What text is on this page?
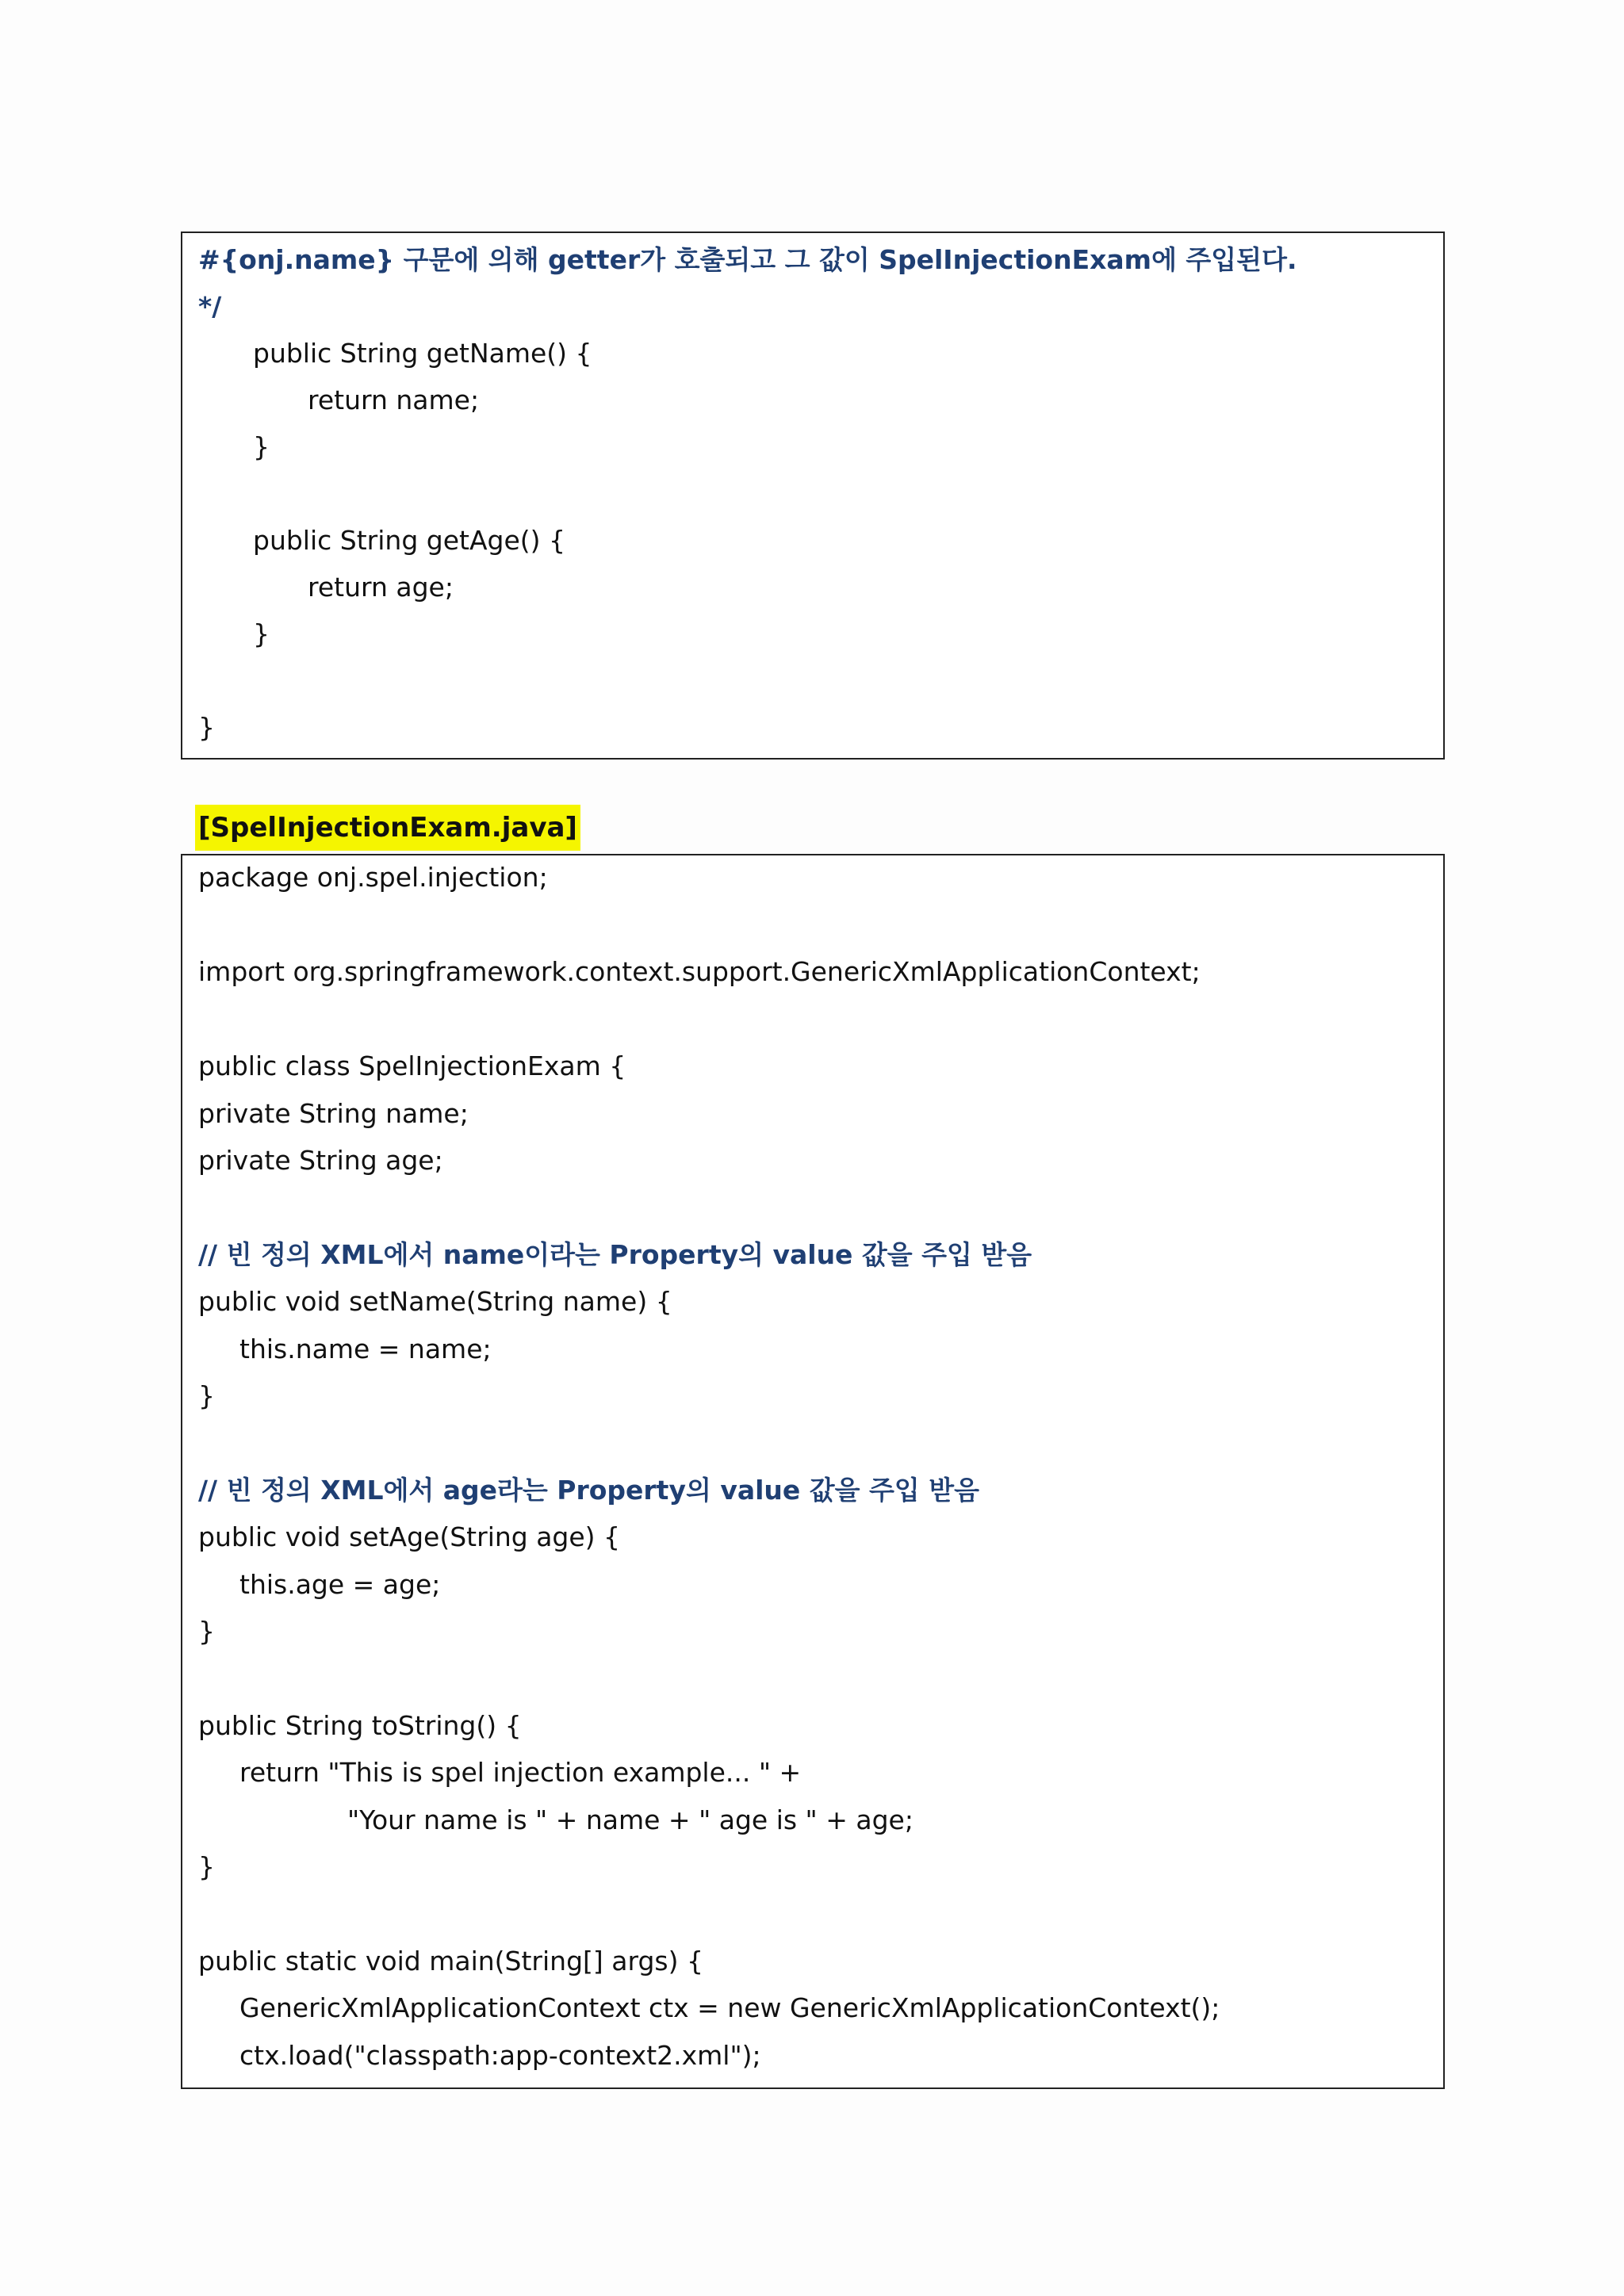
#{onj.name} 구문에 의해 getter가 호출되고 그 값이 SpelInjectionExam에 주입된다.
*/
public String getName() {
return name;
}
public String getAge() {
return age;
}
}
[SpelInjectionExam.java]
package onj.spel.injection;
import org.springframework.context.support.GenericXmlApplicationContext;
public class SpelInjectionExam {
private String name;
private String age;
// 빈 정의 XML에서 name이라는 Property의 value 값을 주입 받음
public void setName(String name) {
this.name = name;
}
// 빈 정의 XML에서 age라는 Property의 value 값을 주입 받음
public void setAge(String age) {
this.age = age;
}
public String toString() {
return "This is spel injection example... " +
"Your name is " + name + " age is " + age;
}
public static void main(String[] args) {
GenericXmlApplicationContext ctx = new GenericXmlApplicationContext();
ctx.load("classpath:app-context2.xml");
